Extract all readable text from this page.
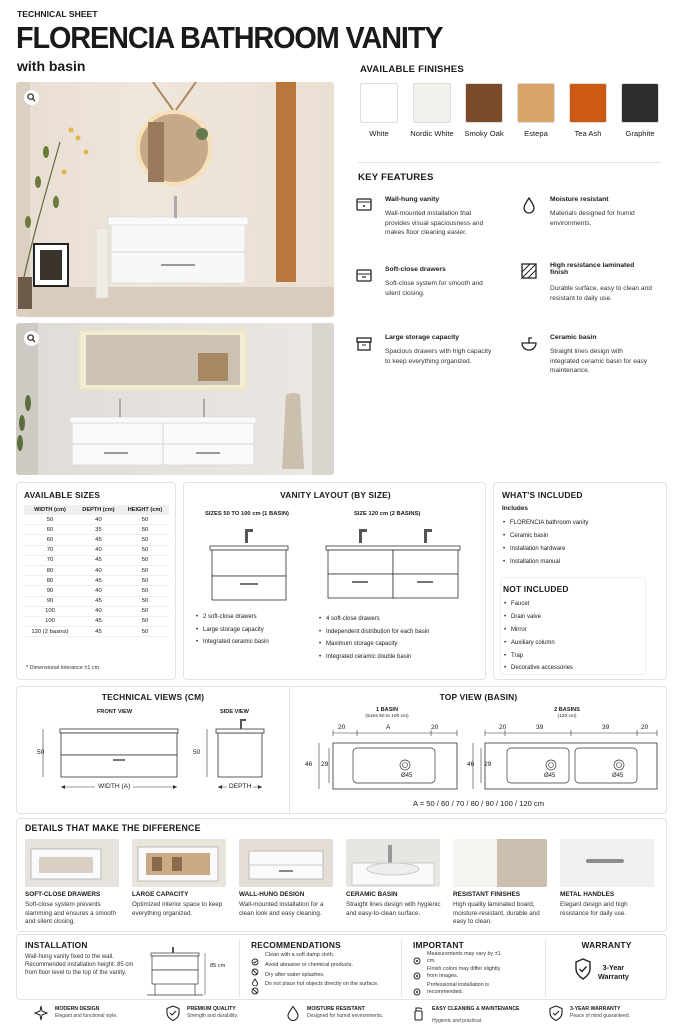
TECHNICAL SHEET
FLORENCIA BATHROOM VANITY
with basin	AVAILABLE FINISHES
White	Nordic White	Smoky Oak	Estepa	Tea Ash	Graphite
KEY FEATURES
Wall-hung vanity
Wall-mounted installation that provides visual spaciousness and makes floor cleaning easier.
Moisture resistant
Materials designed for humid environments.
Soft-close drawers
Soft-close system for smooth and silent closing.
High resistance laminated finish
Durable surface, easy to clean and resistant to daily use.
Large storage capacity
Spacious drawers with high capacity to keep everything organized.
Ceramic basin
Straight lines design with integrated ceramic basin for easy maintenance.
AVAILABLE SIZES
WIDTH (cm)	DEPTH (cm)	HEIGHT (cm)
50	40	50
60	35	50
60	45	50
70	40	50
70	45	50
80	40	50
80	45	50
90	40	50
90	45	50
100	40	50
100	45	50
120 (2 basins)	45	50
* Dimensional tolerance ±1 cm.
VANITY LAYOUT (BY SIZE)
SIZES 50 TO 100 cm (1 BASIN)	SIZE 120 cm (2 BASINS)
• 2 soft-close drawers
• Large storage capacity
• Integrated ceramic basin
• 4 soft-close drawers
• Independent distribution for each basin
• Maximum storage capacity
• Integrated ceramic double basin
WHAT'S INCLUDED
Includes
• FLORENCIA bathroom vanity
• Ceramic basin
• Installation hardware
• Installation manual
NOT INCLUDED
• Faucet
• Drain valve
• Mirror
• Auxiliary column
• Trap
• Decorative accessories
TECHNICAL VIEWS (CM)
FRONT VIEW	SIDE VIEW
50	50
WIDTH (A)	DEPTH
TOP VIEW (BASIN)
1 BASIN
(sizes 50 to 100 cm)
2 BASINS
(120 cm)
20	A	20
46 29
Ø45
20	39	39	20
46 29
Ø45	Ø45
A = 50 / 60 / 70 / 80 / 90 / 100 / 120 cm
DETAILS THAT MAKE THE DIFFERENCE
SOFT-CLOSE DRAWERS
Soft-close system prevents slamming and ensures a smooth and silent closing.
LARGE CAPACITY
Optimized interior space to keep everything organized.
WALL-HUNG DESIGN
Wall-mounted installation for a clean look and easy cleaning.
CERAMIC BASIN
Straight lines design with hygienic and easy-to-clean surface.
RESISTANT FINISHES
High quality laminated board, moisture-resistant, durable and easy to clean.
METAL HANDLES
Elegant design and high resistance for daily use.
INSTALLATION
Wall-hung vanity fixed to the wall. Recommended installation height: 85 cm from floor level to the top of the vanity.
85 cm
RECOMMENDATIONS	IMPORTANT	WARRANTY
3-Year
Warranty
Clean with a soft damp cloth.
Avoid abrasive or chemical products.
Dry after water splashes.
Do not place hot objects directly on the surface.
Measurements may vary by ±1 cm.
Finish colors may differ slightly from images.
Professional installation is recommended.
MODERN DESIGN
Elegant and functional style.
PREMIUM QUALITY
Strength and durability.
MOISTURE RESISTANT
Designed for humid environments.
EASY CLEANING & MAINTENANCE
Hygienic and practical.
3-YEAR WARRANTY
Peace of mind guaranteed.
